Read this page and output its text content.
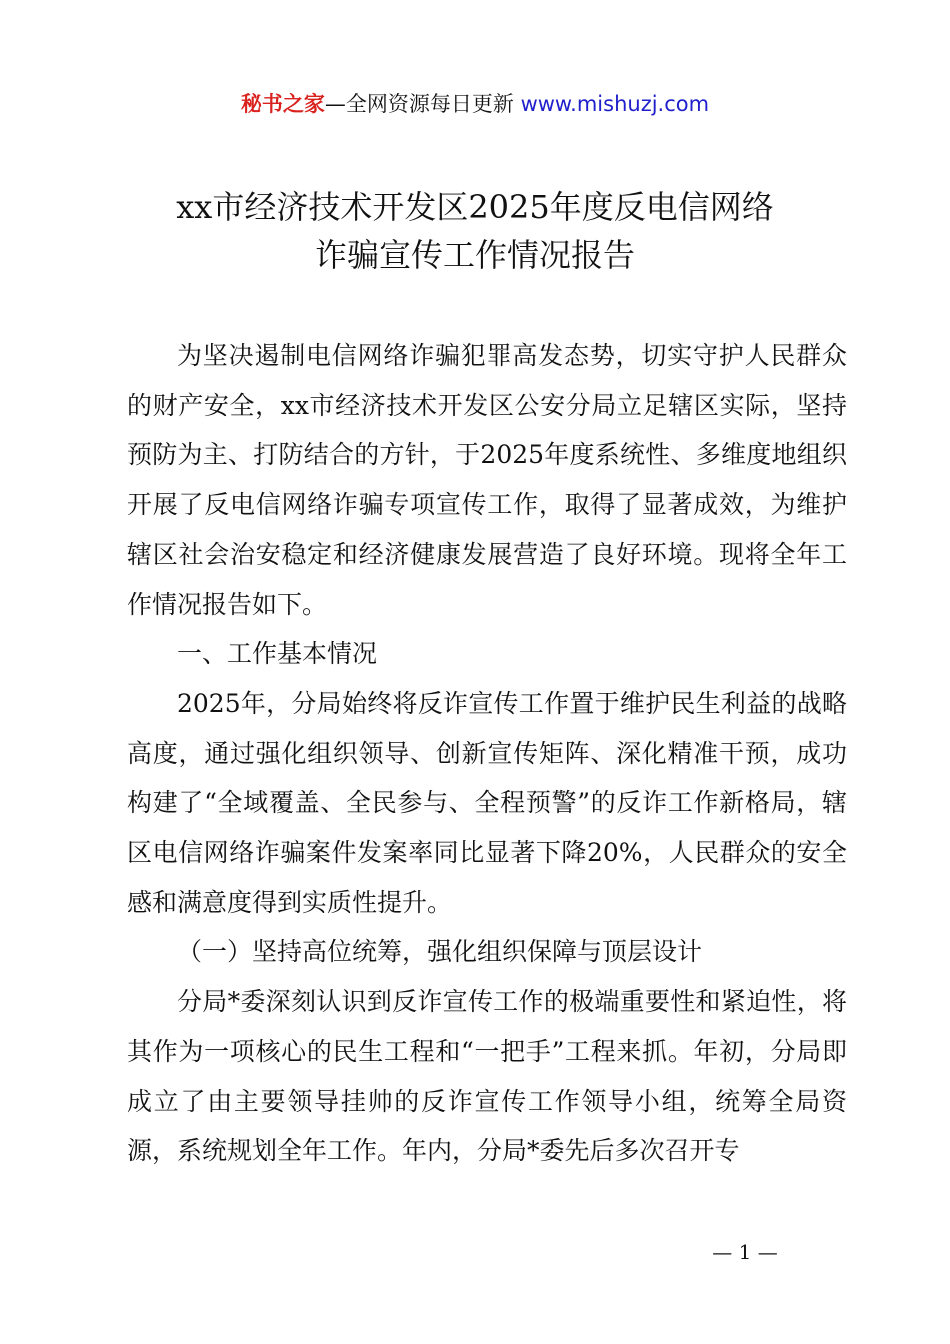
秘书之家—全网资源每日更新 www.mishuzj.com
xx市经济技术开发区2025年度反电信网络
诈骗宣传工作情况报告

为坚决遏制电信网络诈骗犯罪高发态势，切实守护人民群众的财产安全，xx市经济技术开发区公安分局立足辖区实际，坚持预防为主、打防结合的方针，于2025年度系统性、多维度地组织开展了反电信网络诈骗专项宣传工作，取得了显著成效，为维护辖区社会治安稳定和经济健康发展营造了良好环境。现将全年工作情况报告如下。

一、工作基本情况

2025年，分局始终将反诈宣传工作置于维护民生利益的战略高度，通过强化组织领导、创新宣传矩阵、深化精准干预，成功构建了“全域覆盖、全民参与、全程预警”的反诈工作新格局，辖区电信网络诈骗案件发案率同比显著下降20%，人民群众的安全感和满意度得到实质性提升。

（一）坚持高位统筹，强化组织保障与顶层设计

分局*委深刻认识到反诈宣传工作的极端重要性和紧迫性，将其作为一项核心的民生工程和“一把手”工程来抓。年初，分局即成立了由主要领导挂帅的反诈宣传工作领导小组，统筹全局资源，系统规划全年工作。年内，分局*委先后多次召开专

— 1 —
